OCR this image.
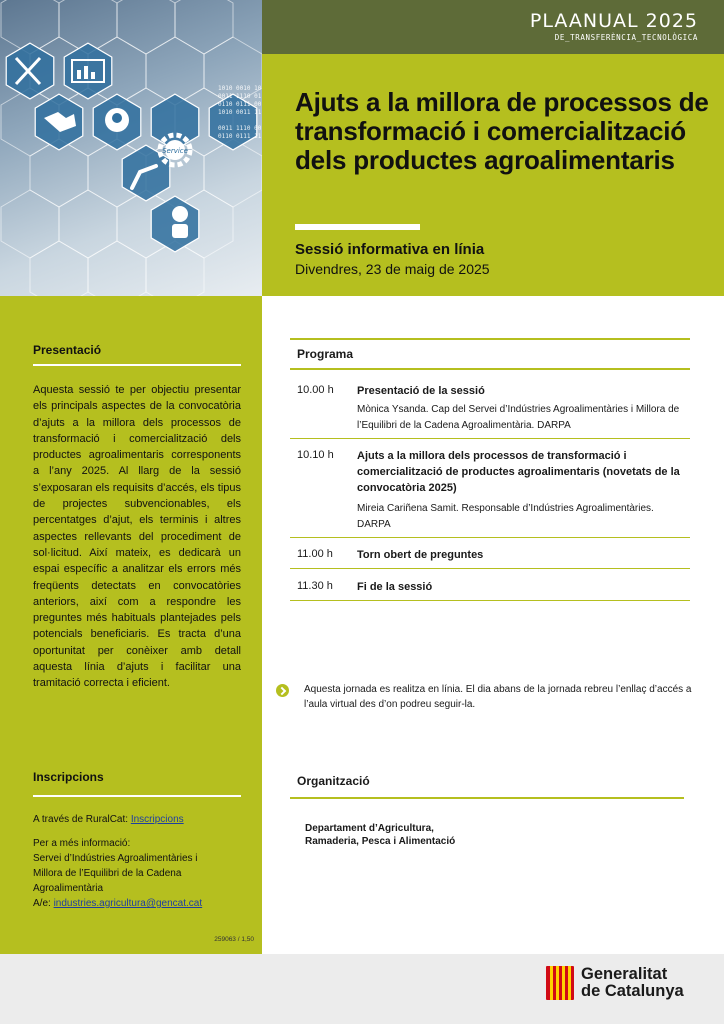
Service
1010 0010 10
0011 1110 01
0110 0111 00
1010 0011 11
0011 1110 00
0110 0111 11
PLAANUAL 2025
DE_TRANSFERÈNCIA_TECNOLÒGICA
Ajuts a la millora de processos de transformació i comercialització dels productes agroalimentaris
Sessió informativa en línia
Divendres, 23 de maig de 2025
Presentació
Aquesta sessió te per objectiu presentar els principals aspectes de la convocatòria d’ajuts a la millora dels processos de transformació i comercialització dels productes agroalimentaris corresponents a l’any 2025. Al llarg de la sessió s’exposaran els requisits d’accés, els tipus de projectes subvencionables, els percentatges d’ajut, els terminis i altres aspectes rellevants del procediment de sol·licitud. Així mateix, es dedicarà un espai específic a analitzar els errors més freqüents detectats en convocatòries anteriors, així com a respondre les preguntes més habituals plantejades pels potencials beneficiaris. Es tracta d’una oportunitat per conèixer amb detall aquesta línia d’ajuts i facilitar una tramitació correcta i eficient.
Inscripcions
A través de RuralCat: Inscripcions
Per a més informació:
Servei d’Indústries Agroalimentàries i
Millora de l’Equilibri de la Cadena
Agroalimentària
A/e: industries.agricultura@gencat.cat
259063 / 1,50
Programa
10.00 h Presentació de la sessió
Mònica Ysanda. Cap del Servei d’Indústries Agroalimentàries i Millora de l’Equilibri de la Cadena Agroalimentària. DARPA
10.10 h Ajuts a la millora dels processos de transformació i comercialització de productes agroalimentaris (novetats de la convocatòria 2025)
Mireia Cariñena Samit. Responsable d’Indústries Agroalimentàries. DARPA
11.00 h Torn obert de preguntes
11.30 h Fi de la sessió
Aquesta jornada es realitza en línia. El dia abans de la jornada rebreu l’enllaç d’accés a l’aula virtual des d’on podreu seguir-la.
Organització
Departament d’Agricultura,
Ramaderia, Pesca i Alimentació
Generalitat
de Catalunya
